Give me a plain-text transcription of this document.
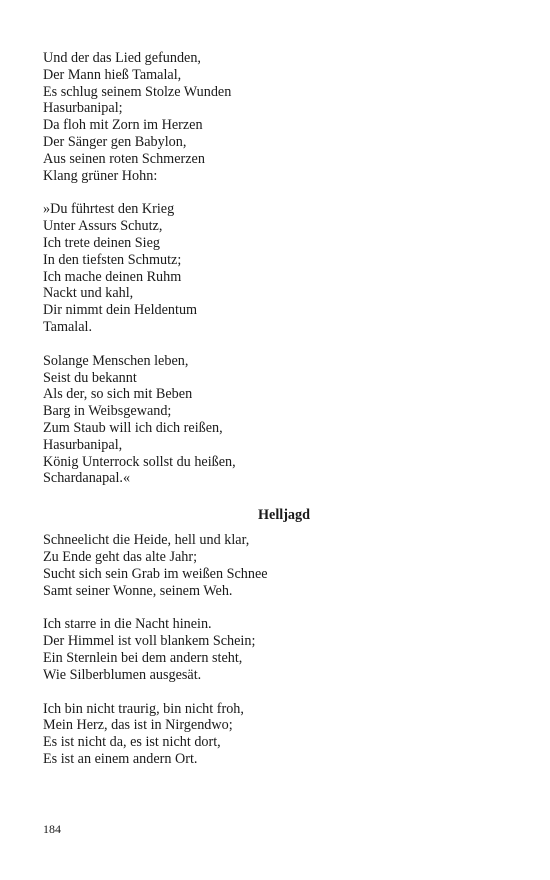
Und der das Lied gefunden,
Der Mann hieß Tamalal,
Es schlug seinem Stolze Wunden
Hasurbanipal;
Da floh mit Zorn im Herzen
Der Sänger gen Babylon,
Aus seinen roten Schmerzen
Klang grüner Hohn:
»Du führtest den Krieg
Unter Assurs Schutz,
Ich trete deinen Sieg
In den tiefsten Schmutz;
Ich mache deinen Ruhm
Nackt und kahl,
Dir nimmt dein Heldentum
Tamalal.
Solange Menschen leben,
Seist du bekannt
Als der, so sich mit Beben
Barg in Weibsgewand;
Zum Staub will ich dich reißen,
Hasurbanipal,
König Unterrock sollst du heißen,
Schardanapal.«
Helljagd
Schneelicht die Heide, hell und klar,
Zu Ende geht das alte Jahr;
Sucht sich sein Grab im weißen Schnee
Samt seiner Wonne, seinem Weh.
Ich starre in die Nacht hinein.
Der Himmel ist voll blankem Schein;
Ein Sternlein bei dem andern steht,
Wie Silberblumen ausgesät.
Ich bin nicht traurig, bin nicht froh,
Mein Herz, das ist in Nirgendwo;
Es ist nicht da, es ist nicht dort,
Es ist an einem andern Ort.
184
